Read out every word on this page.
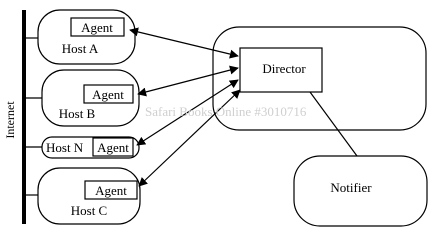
Internet
Agent
Host A
Agent
Host B
Host N Agent
Agent
Host C
Director
Notifier
Safari Books Online #3010716
